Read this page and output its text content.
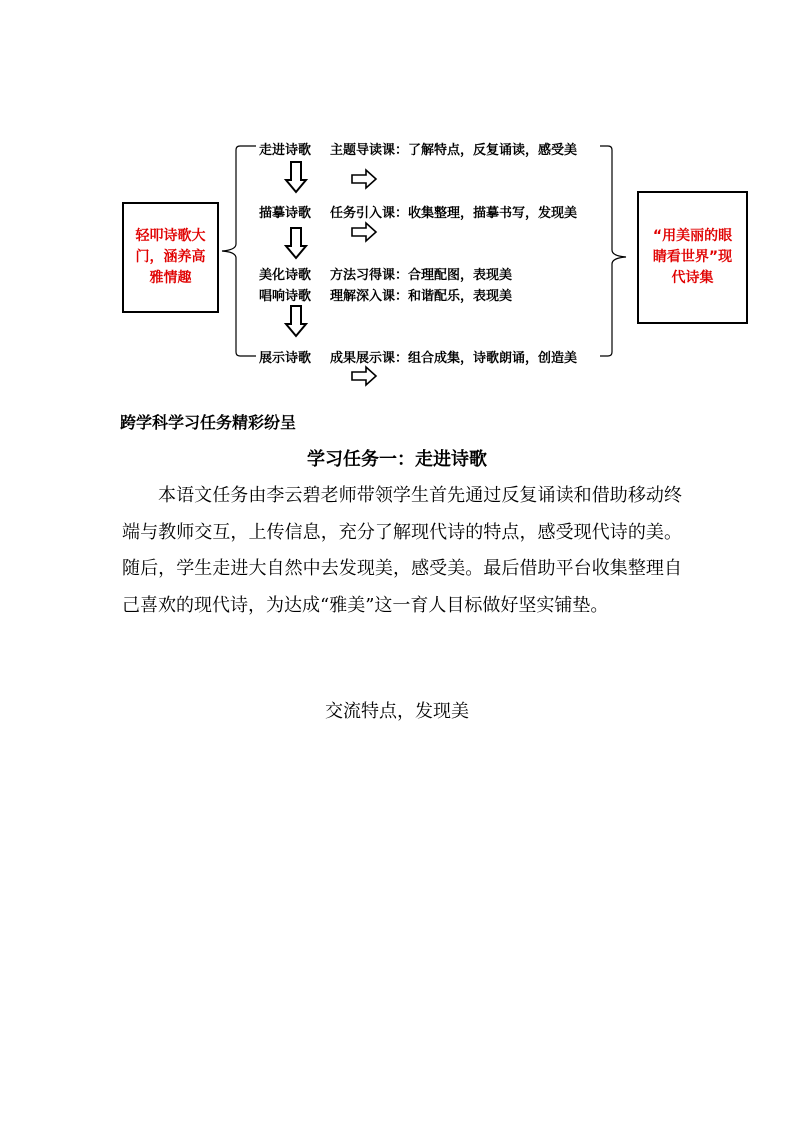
轻叩诗歌大门，涵养高雅情趣
“用美丽的眼睛看世界”现代诗集
走进诗歌 主题导读课：了解特点，反复诵读，感受美
描摹诗歌 任务引入课：收集整理，描摹书写，发现美
美化诗歌 方法习得课：合理配图，表现美
唱响诗歌 理解深入课：和谐配乐，表现美
展示诗歌 成果展示课：组合成集，诗歌朗诵，创造美
跨学科学习任务精彩纷呈
学习任务一：走进诗歌
本语文任务由李云碧老师带领学生首先通过反复诵读和借助移动终端与教师交互，上传信息，充分了解现代诗的特点，感受现代诗的美。随后，学生走进大自然中去发现美，感受美。最后借助平台收集整理自己喜欢的现代诗，为达成“雅美”这一育人目标做好坚实铺垫。
交流特点，发现美
